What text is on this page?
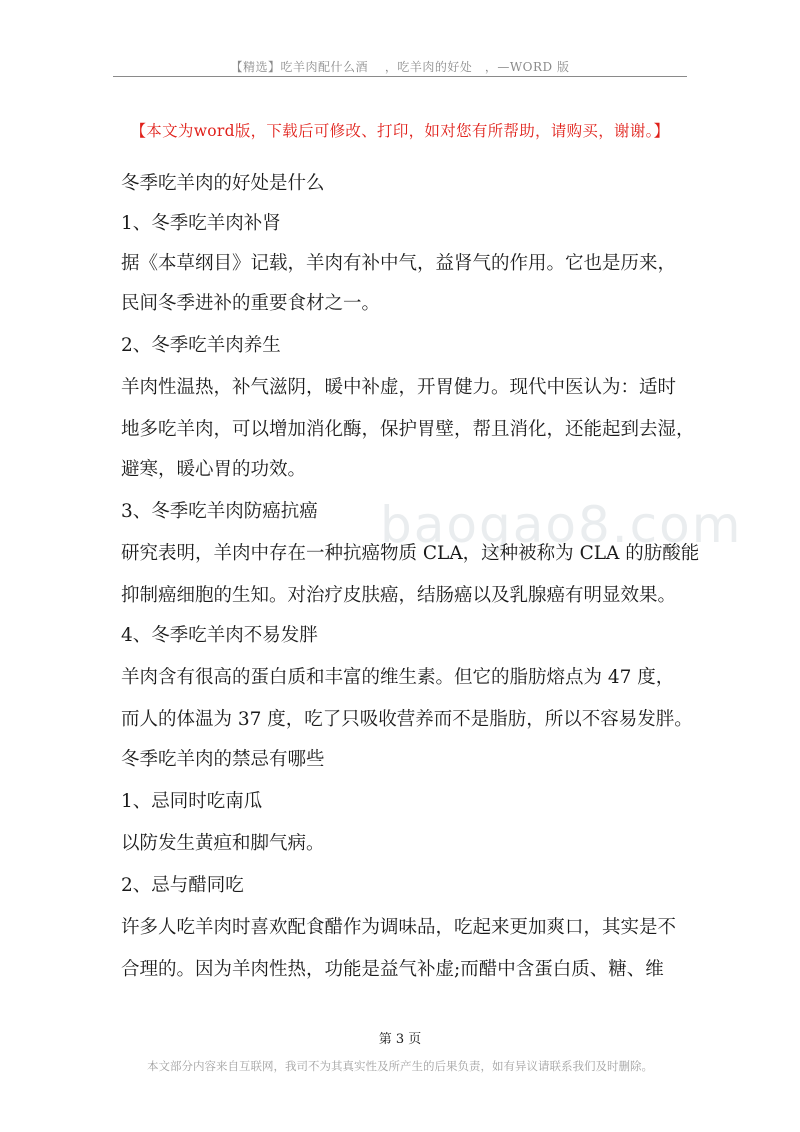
【精选】吃羊肉配什么酒　 ，吃羊肉的好处　，—WORD 版
【本文为word版，下载后可修改、打印，如对您有所帮助，请购买，谢谢。】
baogao8.com
冬季吃羊肉的好处是什么
1、冬季吃羊肉补肾
据《本草纲目》记载，羊肉有补中气，益肾气的作用。它也是历来，
民间冬季进补的重要食材之一。
2、冬季吃羊肉养生
羊肉性温热，补气滋阴，暖中补虚，开胃健力。现代中医认为：适时
地多吃羊肉，可以增加消化酶，保护胃壁，帮且消化，还能起到去湿，
避寒，暖心胃的功效。
3、冬季吃羊肉防癌抗癌
研究表明，羊肉中存在一种抗癌物质 CLA，这种被称为 CLA 的肪酸能
抑制癌细胞的生知。对治疗皮肤癌，结肠癌以及乳腺癌有明显效果。
4、冬季吃羊肉不易发胖
羊肉含有很高的蛋白质和丰富的维生素。但它的脂肪熔点为 47 度，
而人的体温为 37 度，吃了只吸收营养而不是脂肪，所以不容易发胖。
冬季吃羊肉的禁忌有哪些
1、忌同时吃南瓜
以防发生黄疸和脚气病。
2、忌与醋同吃
许多人吃羊肉时喜欢配食醋作为调味品，吃起来更加爽口，其实是不
合理的。因为羊肉性热，功能是益气补虚;而醋中含蛋白质、糖、维
第 3 页
本文部分内容来自互联网，我司不为其真实性及所产生的后果负责，如有异议请联系我们及时删除。
